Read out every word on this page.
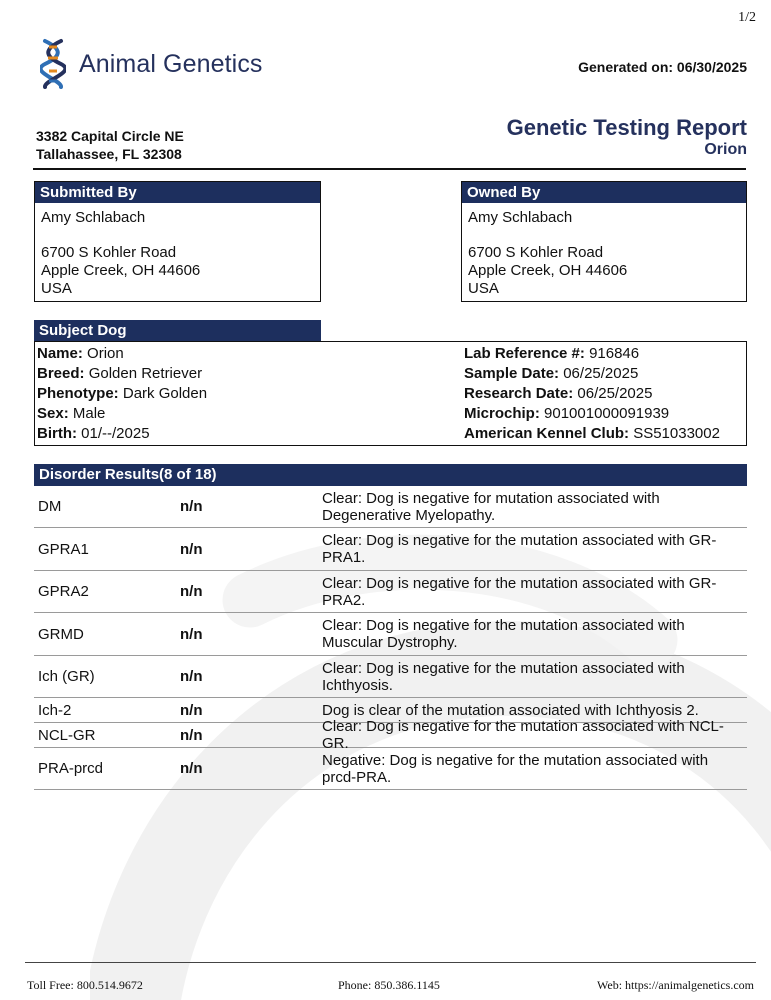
1/2
Animal Genetics	Generated on: 06/30/2025
3382 Capital Circle NE
Tallahassee, FL 32308
Genetic Testing Report
Orion
Submitted By
Amy Schlabach
6700 S Kohler Road
Apple Creek, OH 44606
USA
Owned By
Amy Schlabach
6700 S Kohler Road
Apple Creek, OH 44606
USA
Subject Dog
Name: Orion
Breed: Golden Retriever
Phenotype: Dark Golden
Sex: Male
Birth: 01/--/2025
Lab Reference #: 916846
Sample Date: 06/25/2025
Research Date: 06/25/2025
Microchip: 901001000091939
American Kennel Club: SS51033002
Disorder Results(8 of 18)
DM	n/n	Clear: Dog is negative for mutation associated with Degenerative Myelopathy.
GPRA1	n/n	Clear: Dog is negative for the mutation associated with GR-PRA1.
GPRA2	n/n	Clear: Dog is negative for the mutation associated with GR-PRA2.
GRMD	n/n	Clear: Dog is negative for the mutation associated with Muscular Dystrophy.
Ich (GR)	n/n	Clear: Dog is negative for the mutation associated with Ichthyosis.
Ich-2	n/n	Dog is clear of the mutation associated with Ichthyosis 2.
NCL-GR	n/n	Clear: Dog is negative for the mutation associated with NCL-GR.
PRA-prcd	n/n	Negative: Dog is negative for the mutation associated with prcd-PRA.
Toll Free: 800.514.9672	Phone: 850.386.1145	Web: https://animalgenetics.com
